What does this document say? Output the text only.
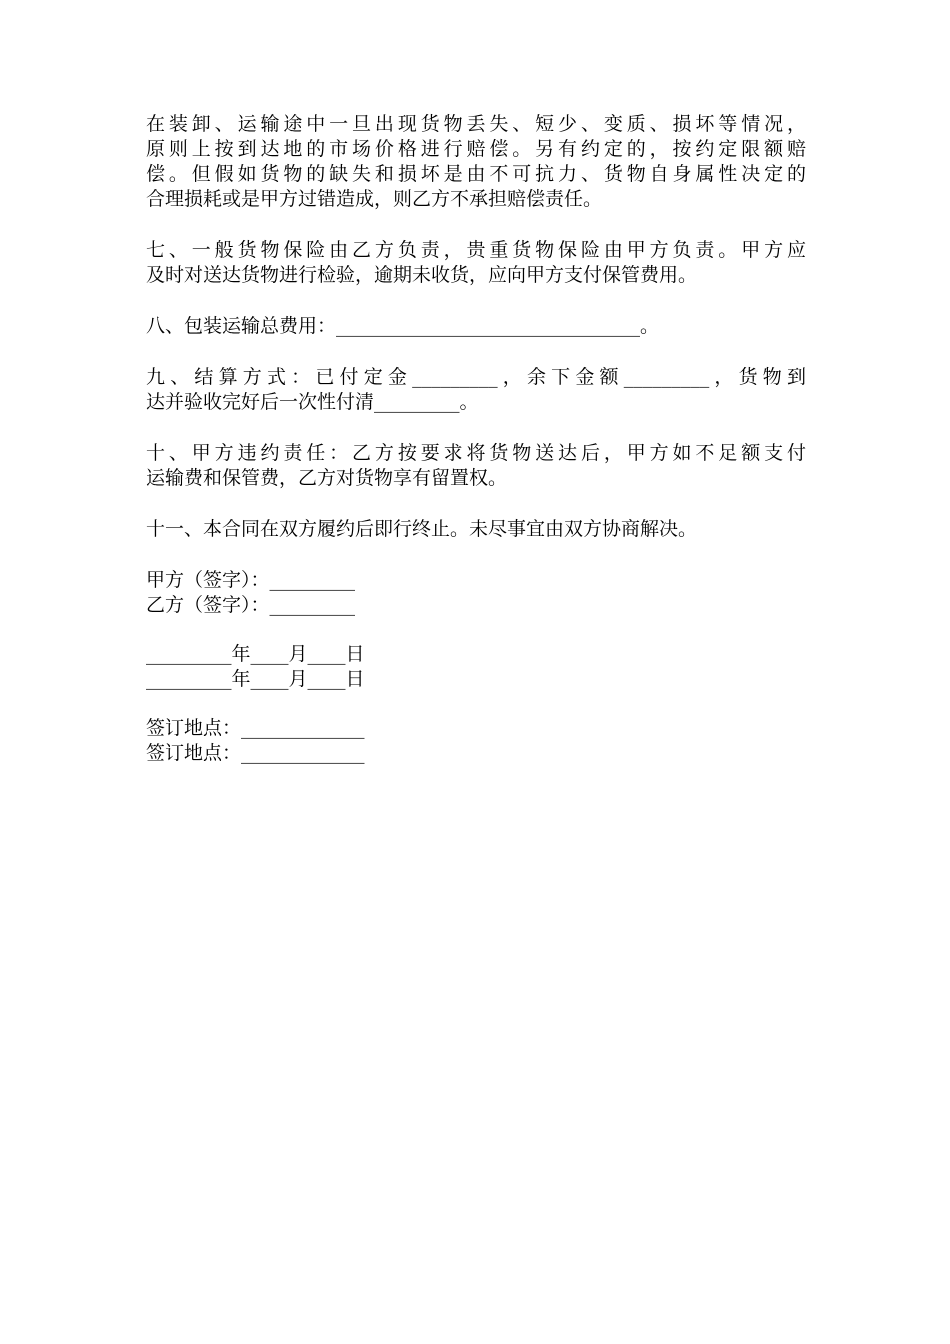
在装卸、运输途中一旦出现货物丢失、短少、变质、损坏等情况，
原则上按到达地的市场价格进行赔偿。另有约定的，按约定限额赔
偿。但假如货物的缺失和损坏是由不可抗力、货物自身属性决定的
合理损耗或是甲方过错造成，则乙方不承担赔偿责任。
七、一般货物保险由乙方负责，贵重货物保险由甲方负责。甲方应
及时对送达货物进行检验，逾期未收货，应向甲方支付保管费用。
八、包装运输总费用：________________________________。
九、结算方式：已付定金_________，余下金额_________，货物到
达并验收完好后一次性付清_________。
十、甲方违约责任：乙方按要求将货物送达后，甲方如不足额支付
运输费和保管费，乙方对货物享有留置权。
十一、本合同在双方履约后即行终止。未尽事宜由双方协商解决。
甲方（签字）：_________
乙方（签字）：_________
_________年____月____日
_________年____月____日
签订地点：_____________
签订地点：_____________
